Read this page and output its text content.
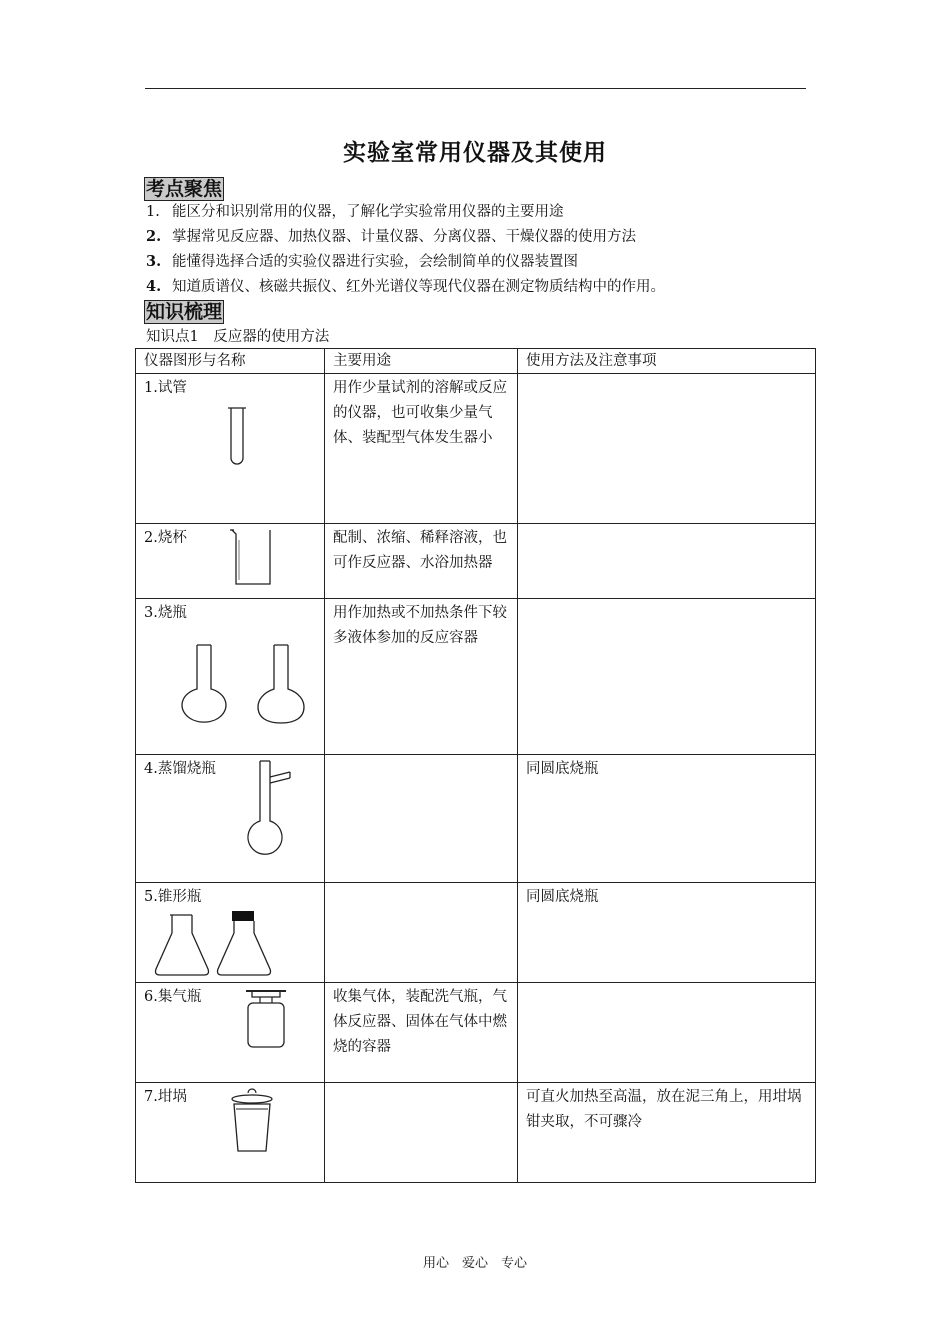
实验室常用仪器及其使用
考点聚焦
1. 能区分和识别常用的仪器，了解化学实验常用仪器的主要用途
2. 掌握常见反应器、加热仪器、计量仪器、分离仪器、干燥仪器的使用方法
3. 能懂得选择合适的实验仪器进行实验，会绘制简单的仪器装置图
4. 知道质谱仪、核磁共振仪、红外光谱仪等现代仪器在测定物质结构中的作用。
知识梳理
知识点1　反应器的使用方法
仪器图形与名称	主要用途	使用方法及注意事项

1.试管	用作少量试剂的溶解或反应的仪器，也可收集少量气体、装配型气体发生器小	

2.烧杯	配制、浓缩、稀释溶液，也可作反应器、水浴加热器	

3.烧瓶	用作加热或不加热条件下较多液体参加的反应容器	

4.蒸馏烧瓶		同圆底烧瓶

5.锥形瓶		同圆底烧瓶

6.集气瓶	收集气体，装配洗气瓶，气体反应器、固体在气体中燃烧的容器	

7.坩埚		可直火加热至高温，放在泥三角上，用坩埚钳夹取，不可骤冷
用心　爱心　专心
